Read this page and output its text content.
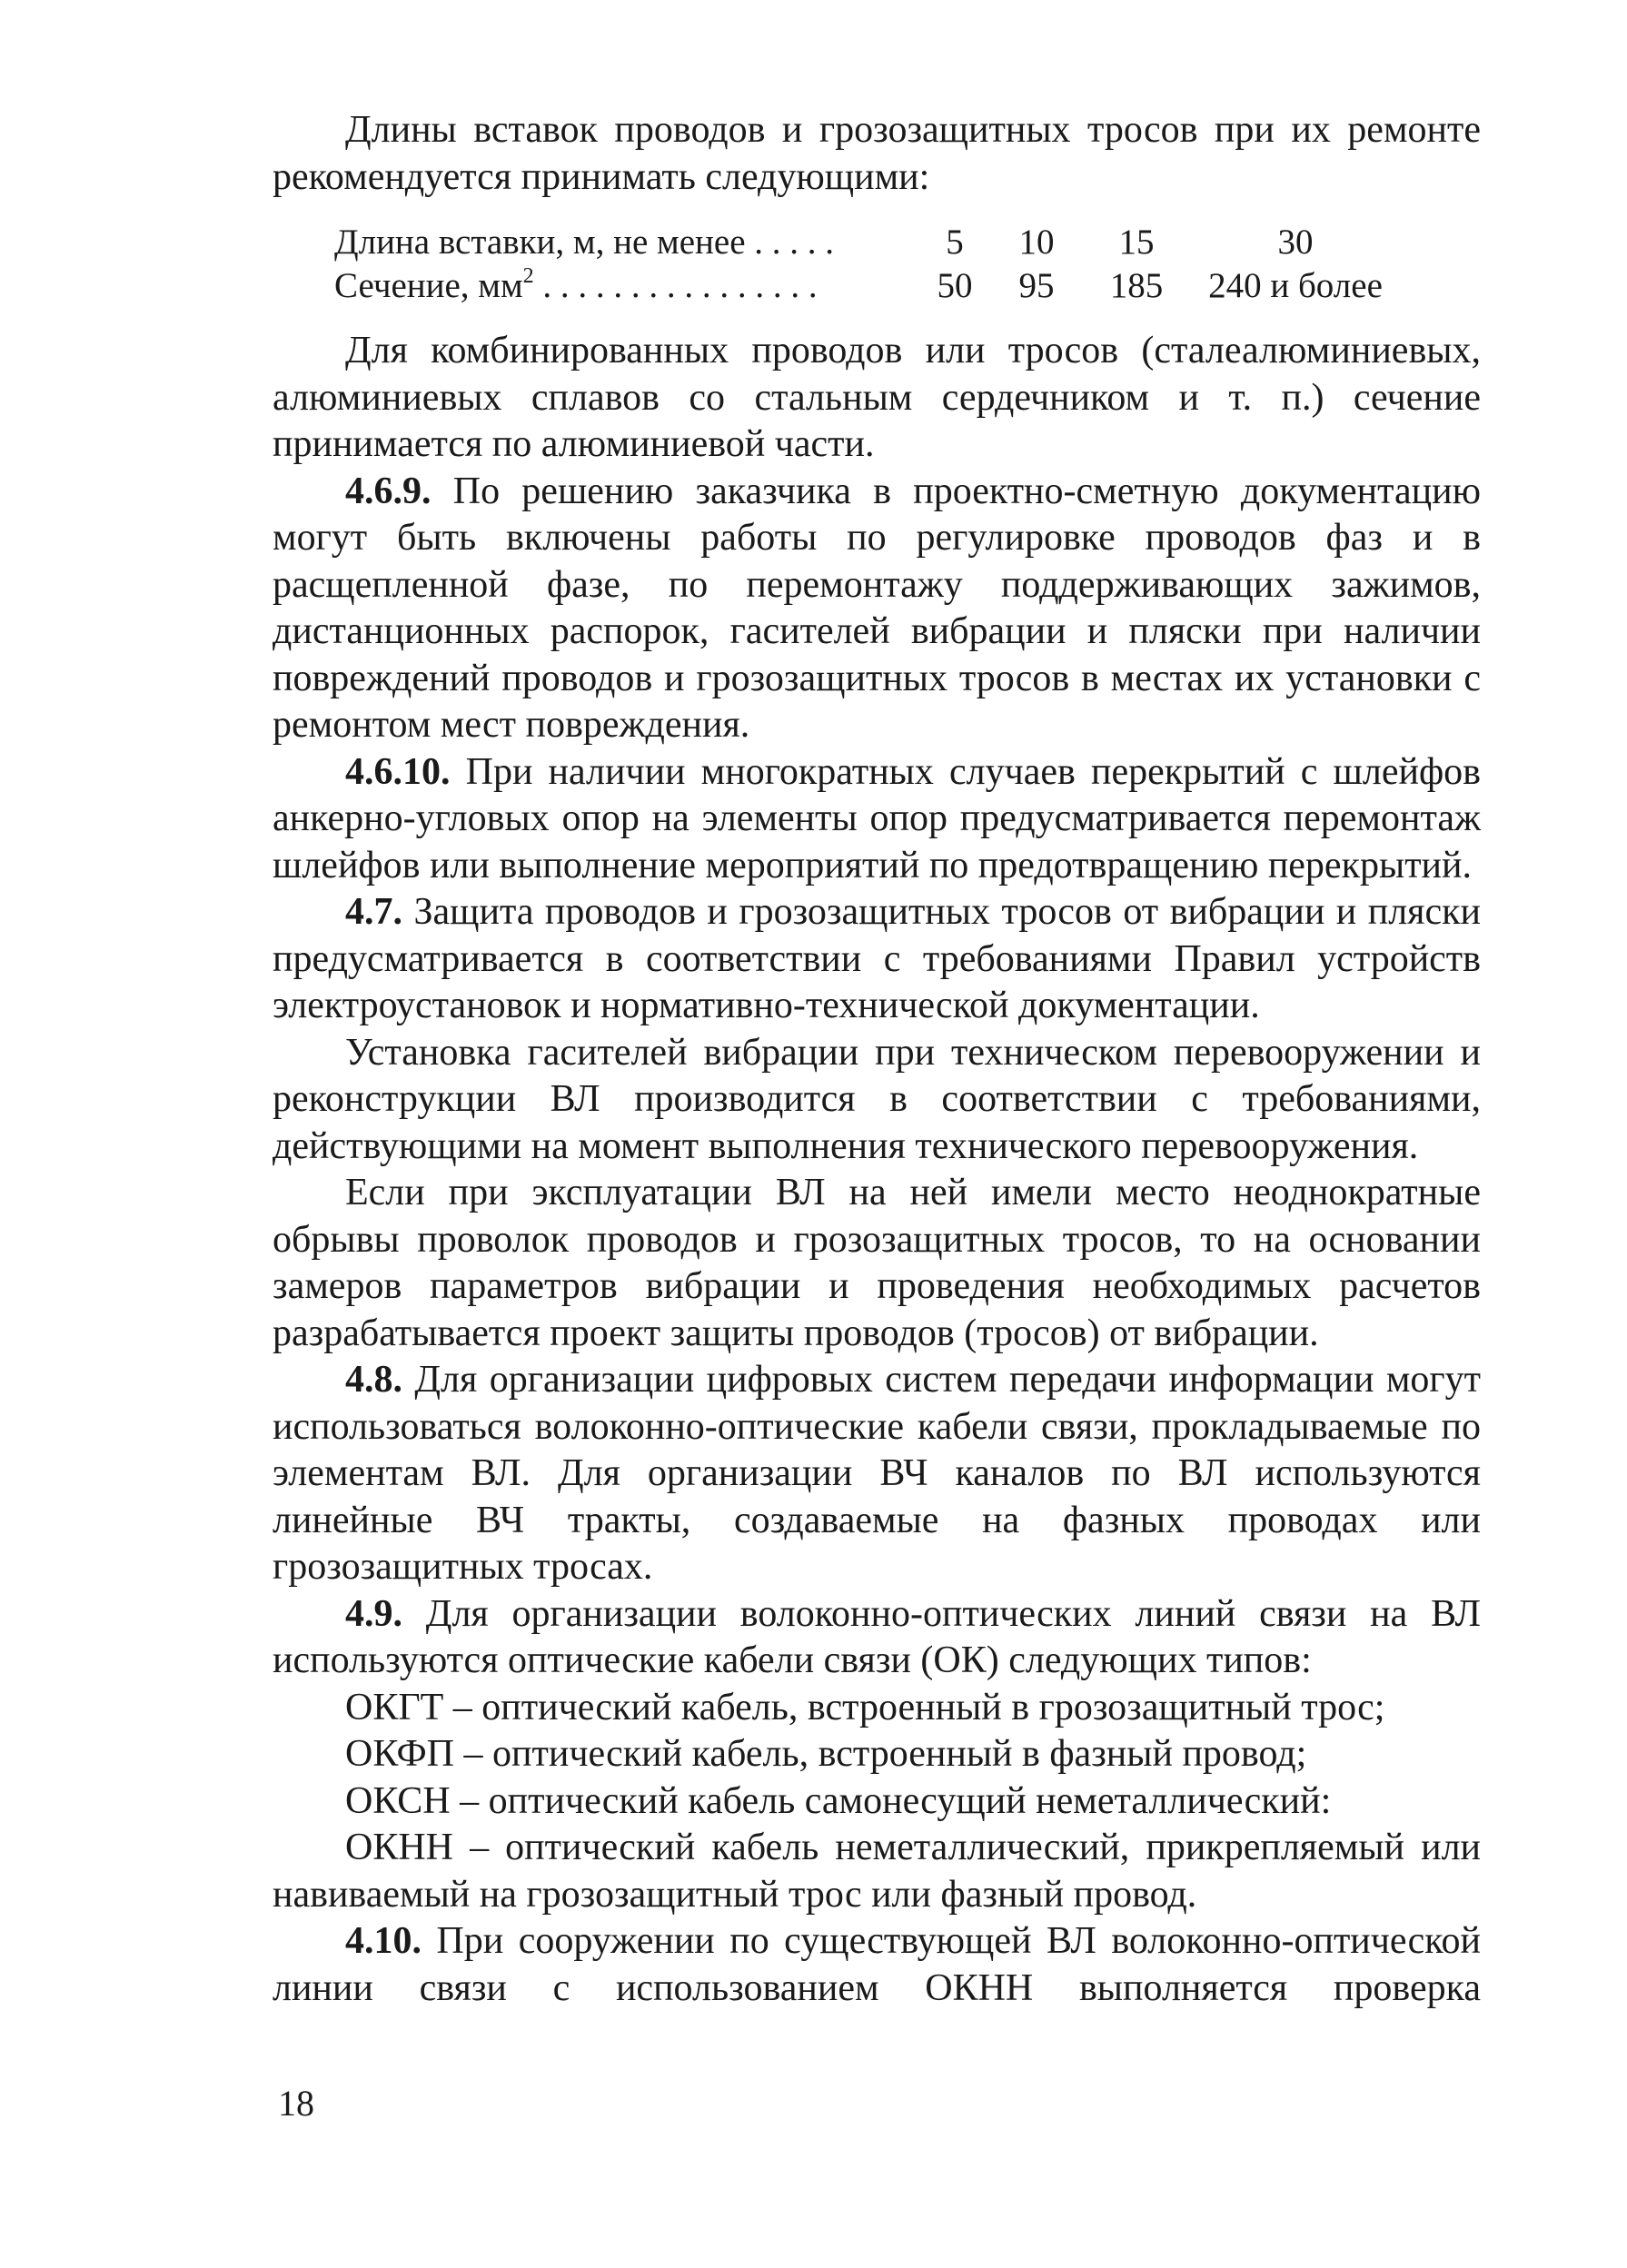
Длины вставок проводов и грозозащитных тросов при их ремонте рекомендуется принимать следующими:

Длина вставки, м, не менее . . . . .	5	10	15	30
Сечение, $мм^2$ . . . . . . . . . . . . . . . .	50	95	185	240 и более

Для комбинированных проводов или тросов (сталеалюминиевых, алюминиевых сплавов со стальным сердечником и т. п.) сечение принимается по алюминиевой части.

4.6.9. По решению заказчика в проектно-сметную документацию могут быть включены работы по регулировке проводов фаз и в расщепленной фазе, по перемонтажу поддерживающих зажимов, дистанционных распорок, гасителей вибрации и пляски при наличии повреждений проводов и грозозащитных тросов в местах их установки с ремонтом мест повреждения.

4.6.10. При наличии многократных случаев перекрытий с шлейфов анкерно-угловых опор на элементы опор предусматривается перемонтаж шлейфов или выполнение мероприятий по предотвращению перекрытий.

4.7. Защита проводов и грозозащитных тросов от вибрации и пляски предусматривается в соответствии с требованиями Правил устройств электроустановок и нормативно-технической документации.

Установка гасителей вибрации при техническом перевооружении и реконструкции ВЛ производится в соответствии с требованиями, действующими на момент выполнения технического перевооружения.

Если при эксплуатации ВЛ на ней имели место неоднократные обрывы проволок проводов и грозозащитных тросов, то на основании замеров параметров вибрации и проведения необходимых расчетов разрабатывается проект защиты проводов (тросов) от вибрации.

4.8. Для организации цифровых систем передачи информации могут использоваться волоконно-оптические кабели связи, прокладываемые по элементам ВЛ. Для организации ВЧ каналов по ВЛ используются линейные ВЧ тракты, создаваемые на фазных проводах или грозозащитных тросах.

4.9. Для организации волоконно-оптических линий связи на ВЛ используются оптические кабели связи (ОК) следующих типов:

ОКГТ – оптический кабель, встроенный в грозозащитный трос;

ОКФП – оптический кабель, встроенный в фазный провод;

ОКСН – оптический кабель самонесущий неметаллический:

ОКНН – оптический кабель неметаллический, прикрепляемый или навиваемый на грозозащитный трос или фазный провод.

4.10. При сооружении по существующей ВЛ волоконно-оптической линии связи с использованием ОКНН выполняется проверка

18
